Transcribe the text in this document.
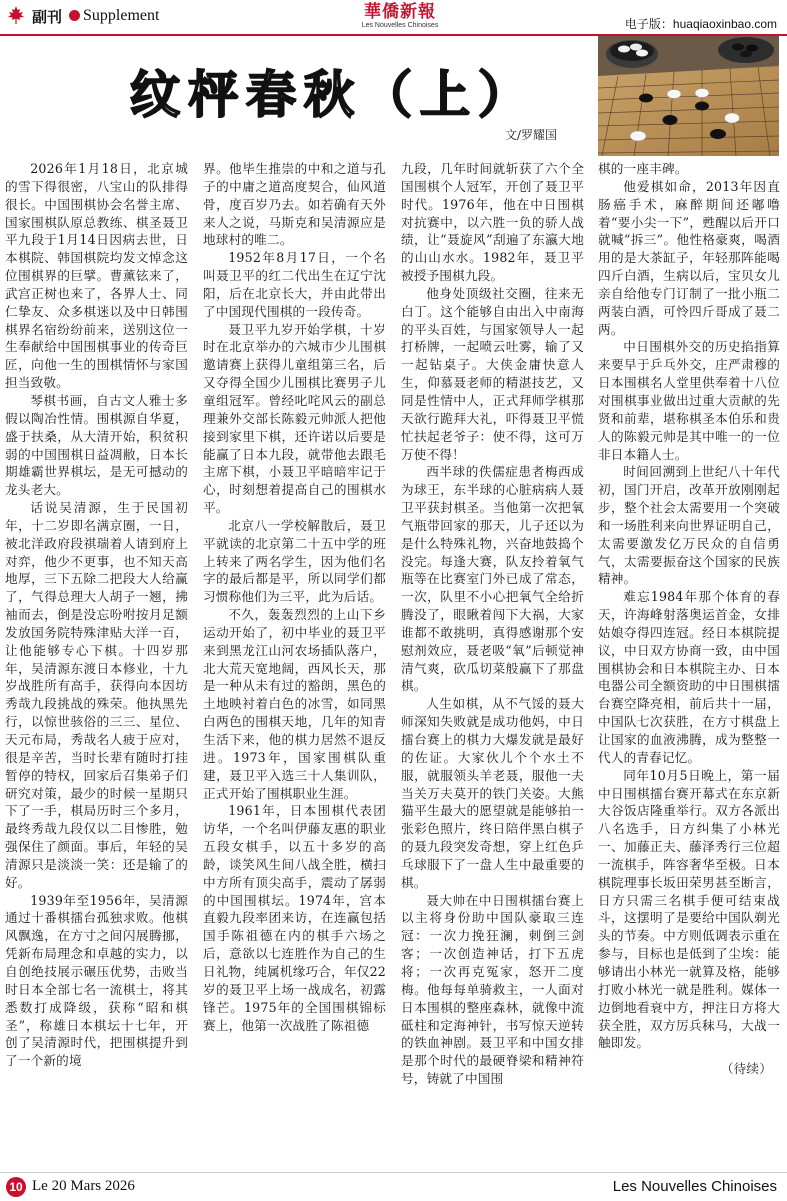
副刊 Supplement	華僑新報
Les Nouvelles Chinoises	电子版：huaqiaoxinbao.com
纹枰春秋（上）
文/罗耀国

2026年1月18日，北京城的雪下得很密，八宝山的队排得很长。中国围棋协会名誉主席、国家围棋队原总教练、棋圣聂卫平九段于1月14日因病去世，日本棋院、韩国棋院均发文悼念这位围棋界的巨擘。曹薰铉来了，武宫正树也来了，各界人士、同仁挚友、众多棋迷以及中日韩围棋界名宿纷纷前来，送别这位一生奉献给中国围棋事业的传奇巨匠，向他一生的围棋情怀与家国担当致敬。

琴棋书画，自古文人雅士多假以陶冶性情。围棋源自华夏，盛于扶桑，从大清开始，积贫积弱的中国围棋日益凋敝，日本长期雄霸世界棋坛，是无可撼动的龙头老大。

话说吴清源，生于民国初年，十二岁即名满京圈，一日，被北洋政府段祺瑞着人请到府上对弈，他少不更事，也不知天高地厚，三下五除二把段大人给赢了，气得总理大人胡子一翘，拂袖而去，倒是没忘吩咐按月足额发放国务院特殊津贴大洋一百，让他能够专心下棋。十四岁那年，吴清源东渡日本修业，十九岁战胜所有高手，获得向本因坊秀哉九段挑战的殊荣。他执黑先行，以惊世骇俗的三三、星位、天元布局，秀哉名人疲于应对，很是辛苦，当时长辈有随时打挂暂停的特权，回家后召集弟子们研究对策，最少的时候一星期只下了一手，棋局历时三个多月，最终秀哉九段仅以二目惨胜，勉强保住了颜面。事后，年轻的吴清源只是淡淡一笑：还是输了的好。

1939年至1956年，吴清源通过十番棋擂台孤独求败。他棋风飘逸，在方寸之间闪展腾挪，凭新布局理念和卓越的实力，以自创绝技展示碾压优势，击败当时日本全部七名一流棋士，将其悉数打成降级，获称“昭和棋圣”，称雄日本棋坛十七年，开创了吴清源时代，把围棋提升到了一个新的境

界。他毕生推崇的中和之道与孔子的中庸之道高度契合，仙风道骨，度百岁乃去。如若确有天外来人之说，马斯克和吴清源应是地球村的唯二。

1952年8月17日，一个名叫聂卫平的红二代出生在辽宁沈阳，后在北京长大，并由此带出了中国现代围棋的一段传奇。

聂卫平九岁开始学棋，十岁时在北京举办的六城市少儿围棋邀请赛上获得儿童组第三名，后又夺得全国少儿围棋比赛男子儿童组冠军。曾经叱咤风云的副总理兼外交部长陈毅元帅派人把他接到家里下棋，还许诺以后要是能赢了日本九段，就带他去跟毛主席下棋，小聂卫平暗暗牢记于心，时刻想着提高自己的围棋水平。

北京八一学校解散后，聂卫平就读的北京第二十五中学的班上转来了两名学生，因为他们名字的最后都是平，所以同学们都习惯称他们为三平，此为后话。

不久，轰轰烈烈的上山下乡运动开始了，初中毕业的聂卫平来到黑龙江山河农场插队落户，北大荒天宽地阔，西风长天，那是一种从未有过的豁朗，黑色的土地映衬着白色的冰雪，如同黑白两色的围棋天地，几年的知青生活下来，他的棋力居然不退反进。1973年，国家围棋队重建，聂卫平入选三十人集训队，正式开始了围棋职业生涯。

1961年，日本围棋代表团访华，一个名叫伊藤友惠的职业五段女棋手，以五十多岁的高龄，谈笑风生间八战全胜，横扫中方所有顶尖高手，震动了孱弱的中国围棋坛。1974年，宫本直毅九段率团来访，在连赢包括国手陈祖德在内的棋手六场之后，意欲以七连胜作为自己的生日礼物，纯属机缘巧合，年仅22岁的聂卫平上场一战成名，初露锋芒。1975年的全国围棋锦标赛上，他第一次战胜了陈祖德

九段，几年时间就斩获了六个全国围棋个人冠军，开创了聂卫平时代。1976年，他在中日围棋对抗赛中，以六胜一负的骄人战绩，让“聂旋风”刮遍了东瀛大地的山山水水。1982年，聂卫平被授予围棋九段。

他身处顶级社交圈，往来无白丁。这个能够自由出入中南海的平头百姓，与国家领导人一起打桥牌，一起喷云吐雾，输了又一起钻桌子。大侠金庸快意人生，仰慕聂老师的精湛技艺，又同是性情中人，正式拜师学棋那天欲行跪拜大礼，吓得聂卫平慌忙扶起老爷子：使不得，这可万万使不得！

西半球的佚儒症患者梅西成为球王，东半球的心脏病病人聂卫平获封棋圣。当他第一次把氧气瓶带回家的那天，儿子还以为是什么特殊礼物，兴奋地鼓捣个没完。每逢大赛，队友拎着氧气瓶等在比赛室门外已成了常态，一次，队里不小心把氧气全给折腾没了，眼瞅着闯下大祸，大家谁都不敢挑明，真得感谢那个安慰剂效应，聂老吸“氧”后顿觉神清气爽，砍瓜切菜般赢下了那盘棋。

人生如棋，从不气馁的聂大师深知失败就是成功他妈，中日擂台赛上的棋力大爆发就是最好的佐证。大家伙儿个个水土不服，就服领头羊老聂，服他一夫当关万夫莫开的铁门关姿。大熊猫平生最大的愿望就是能够拍一张彩色照片，终日陪伴黑白棋子的聂九段突发奇想，穿上红色乒乓球服下了一盘人生中最重要的棋。

聂大帅在中日围棋擂台赛上以主将身份助中国队豪取三连冠：一次力挽狂澜，刺倒三剑客；一次创造神话，打下五虎将；一次再克冤家，怒开二度梅。他每每单骑救主，一人面对日本围棋的整座森林，就像中流砥柱和定海神针，书写惊天逆转的铁血神剧。聂卫平和中国女排是那个时代的最硬脊梁和精神符号，铸就了中国围

棋的一座丰碑。

他爱棋如命，2013年因直肠癌手术，麻醉期间还嘟噜着“要小尖一下”，甦醒以后开口就喊“拆三”。他性格豪爽，喝酒用的是大茶缸子，年轻那阵能喝四斤白酒，生病以后，宝贝女儿亲自给他专门订制了一批小瓶二两装白酒，可怜四斤哥成了聂二两。

中日围棋外交的历史掐指算来要早于乒乓外交，庄严肃穆的日本围棋名人堂里供奉着十八位对围棋事业做出过重大贡献的先贤和前辈，堪称棋圣本伯乐和贵人的陈毅元帅是其中唯一的一位非日本籍人士。

时间回溯到上世纪八十年代初，国门开启，改革开放刚刚起步，整个社会太需要用一个突破和一场胜利来向世界证明自己，太需要激发亿万民众的自信勇气，太需要振奋这个国家的民族精神。

难忘1984年那个体育的春天，许海峰射落奥运首金，女排姑娘夺得四连冠。经日本棋院提议，中日双方协商一致，由中国围棋协会和日本棋院主办、日本电器公司全额资助的中日围棋擂台赛空降亮相，前后共十一届，中国队七次获胜，在方寸棋盘上让国家的血液沸腾，成为整整一代人的青春记忆。

同年10月5日晚上，第一届中日围棋擂台赛开幕式在东京新大谷饭店隆重举行。双方各派出八名选手，日方纠集了小林光一、加藤正夫、藤泽秀行三位超一流棋手，阵容奢华至极。日本棋院理事长坂田荣男甚至断言，日方只需三名棋手便可结束战斗，这摆明了是要给中国队剃光头的节奏。中方则低调表示重在参与，目标也是低到了尘埃：能够请出小林光一就算及格，能够打败小林光一就是胜利。媒体一边倒地看衰中方，押注日方将大获全胜，双方厉兵秣马，大战一触即发。

（待续）
10 Le 20 Mars 2026	Les Nouvelles Chinoises
